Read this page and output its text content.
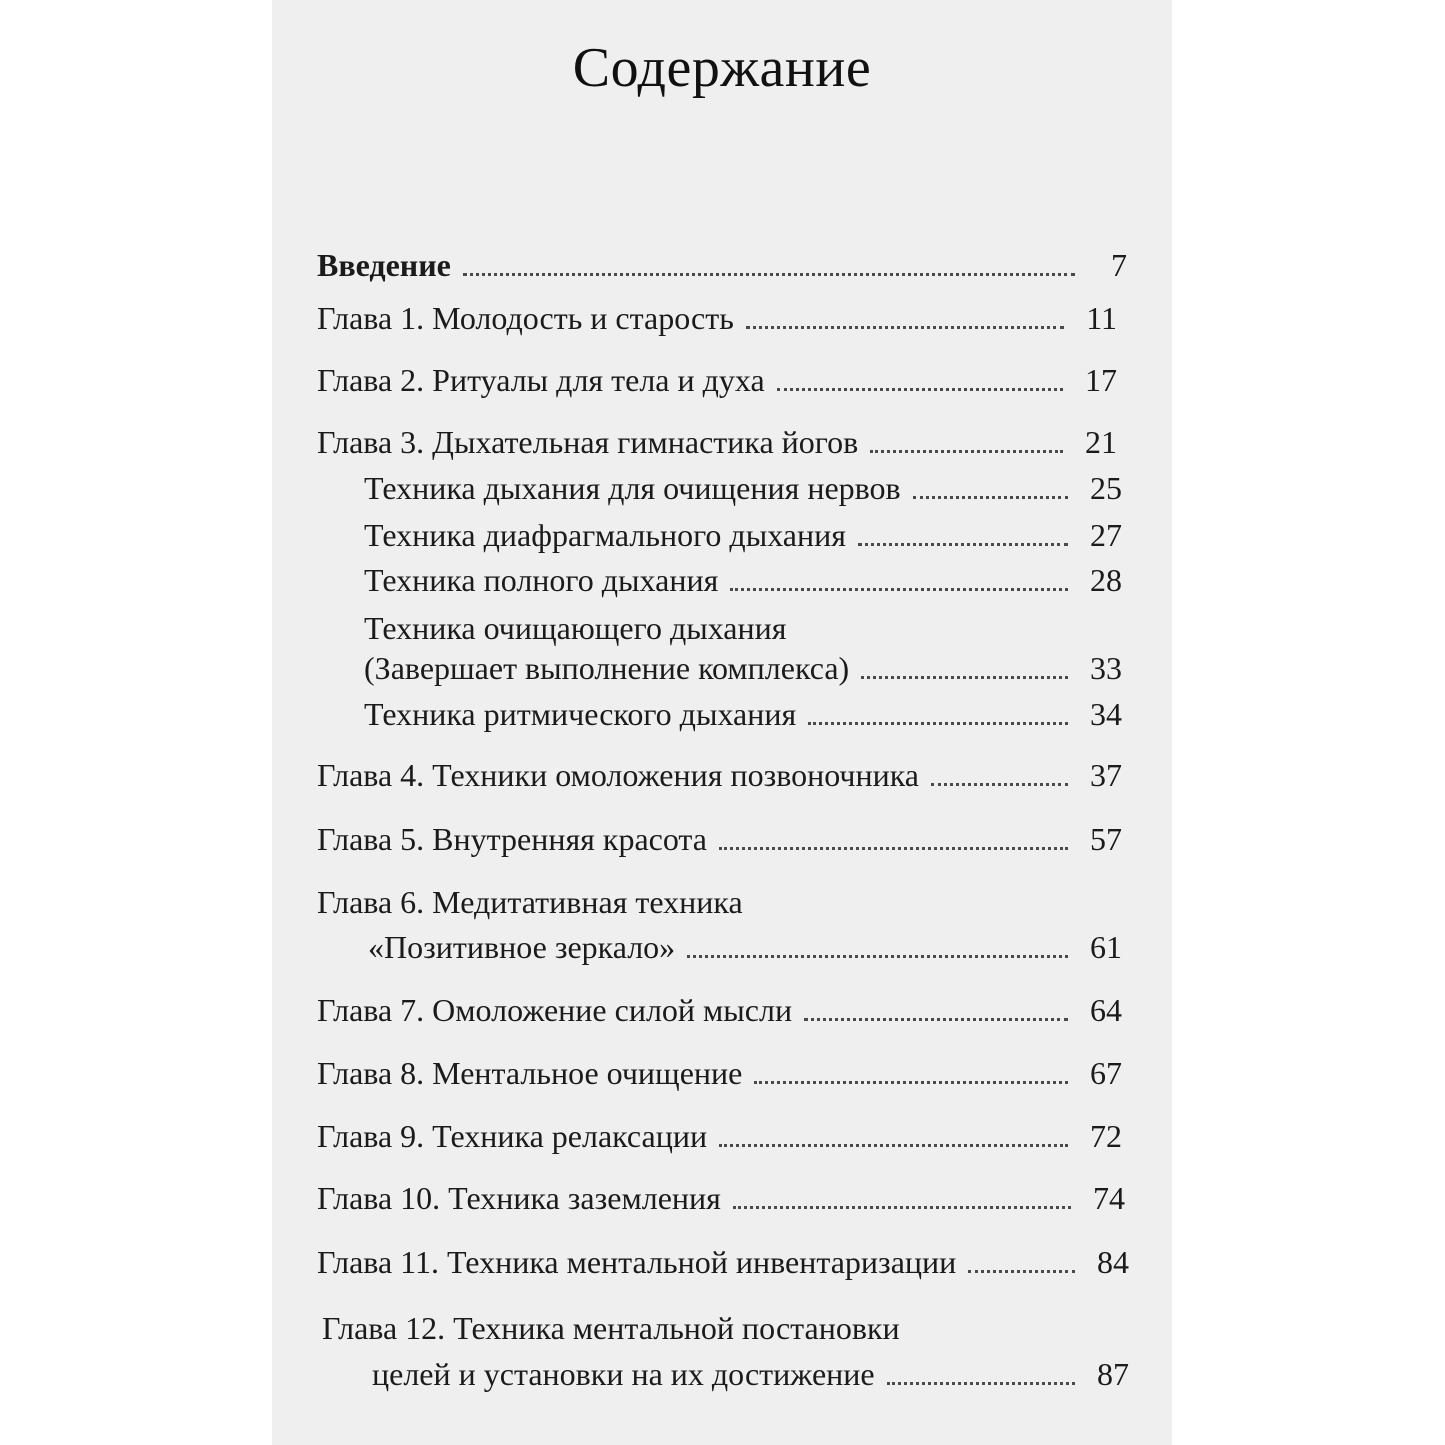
Содержание
Введение	7
Глава 1. Молодость и старость	11
Глава 2. Ритуалы для тела и духа	17
Глава 3. Дыхательная гимнастика йогов	21
Техника дыхания для очищения нервов	25
Техника диафрагмального дыхания	27
Техника полного дыхания	28
Техника очищающего дыхания
(Завершает выполнение комплекса)	33
Техника ритмического дыхания	34
Глава 4. Техники омоложения позвоночника	37
Глава 5. Внутренняя красота	57
Глава 6. Медитативная техника
«Позитивное зеркало»	61
Глава 7. Омоложение силой мысли	64
Глава 8. Ментальное очищение	67
Глава 9. Техника релаксации	72
Глава 10. Техника заземления	74
Глава 11. Техника ментальной инвентаризации	84
Глава 12. Техника ментальной постановки
целей и установки на их достижение	87
